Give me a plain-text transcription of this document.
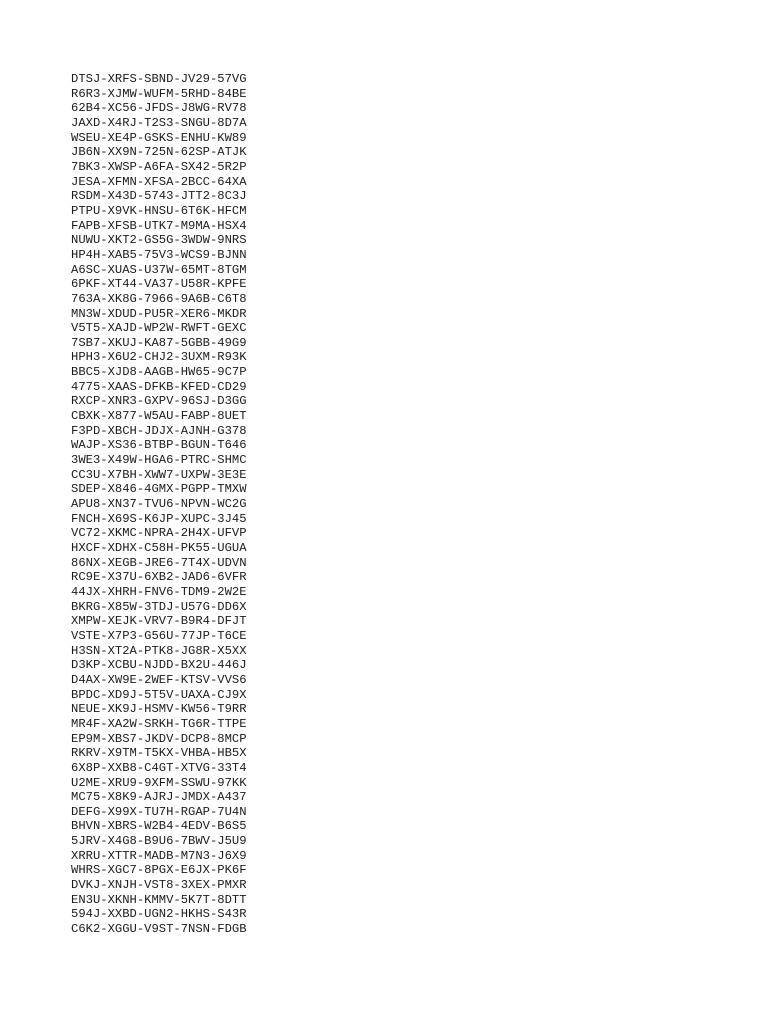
DTSJ-XRFS-SBND-JV29-57VG
R6R3-XJMW-WUFM-5RHD-84BE
62B4-XC56-JFDS-J8WG-RV78
JAXD-X4RJ-T2S3-SNGU-8D7A
WSEU-XE4P-GSKS-ENHU-KW89
JB6N-XX9N-725N-62SP-ATJK
7BK3-XWSP-A6FA-SX42-5R2P
JESA-XFMN-XFSA-2BCC-64XA
RSDM-X43D-5743-JTT2-8C3J
PTPU-X9VK-HNSU-6T6K-HFCM
FAPB-XFSB-UTK7-M9MA-HSX4
NUWU-XKT2-GS5G-3WDW-9NRS
HP4H-XAB5-75V3-WCS9-BJNN
A6SC-XUAS-U37W-65MT-8TGM
6PKF-XT44-VA37-U58R-KPFE
763A-XK8G-7966-9A6B-C6T8
MN3W-XDUD-PU5R-XER6-MKDR
V5T5-XAJD-WP2W-RWFT-GEXC
7SB7-XKUJ-KA87-5GBB-49G9
HPH3-X6U2-CHJ2-3UXM-R93K
BBC5-XJD8-AAGB-HW65-9C7P
4775-XAAS-DFKB-KFED-CD29
RXCP-XNR3-GXPV-96SJ-D3GG
CBXK-X877-W5AU-FABP-8UET
F3PD-XBCH-JDJX-AJNH-G378
WAJP-XS36-BTBP-BGUN-T646
3WE3-X49W-HGA6-PTRC-SHMC
CC3U-X7BH-XWW7-UXPW-3E3E
SDEP-X846-4GMX-PGPP-TMXW
APU8-XN37-TVU6-NPVN-WC2G
FNCH-X69S-K6JP-XUPC-3J45
VC72-XKMC-NPRA-2H4X-UFVP
HXCF-XDHX-C58H-PK55-UGUA
86NX-XEGB-JRE6-7T4X-UDVN
RC9E-X37U-6XB2-JAD6-6VFR
44JX-XHRH-FNV6-TDM9-2W2E
BKRG-X85W-3TDJ-U57G-DD6X
XMPW-XEJK-VRV7-B9R4-DFJT
VSTE-X7P3-G56U-77JP-T6CE
H3SN-XT2A-PTK8-JG8R-X5XX
D3KP-XCBU-NJDD-BX2U-446J
D4AX-XW9E-2WEF-KTSV-VVS6
BPDC-XD9J-5T5V-UAXA-CJ9X
NEUE-XK9J-HSMV-KW56-T9RR
MR4F-XA2W-SRKH-TG6R-TTPE
EP9M-XBS7-JKDV-DCP8-8MCP
RKRV-X9TM-T5KX-VHBA-HB5X
6X8P-XXB8-C4GT-XTVG-33T4
U2ME-XRU9-9XFM-SSWU-97KK
MC75-X8K9-AJRJ-JMDX-A437
DEFG-X99X-TU7H-RGAP-7U4N
BHVN-XBRS-W2B4-4EDV-B6S5
5JRV-X4G8-B9U6-7BWV-J5U9
XRRU-XTTR-MADB-M7N3-J6X9
WHRS-XGC7-8PGX-E6JX-PK6F
DVKJ-XNJH-VST8-3XEX-PMXR
EN3U-XKNH-KMMV-5K7T-8DTT
594J-XXBD-UGN2-HKHS-S43R
C6K2-XGGU-V9ST-7NSN-FDGB
